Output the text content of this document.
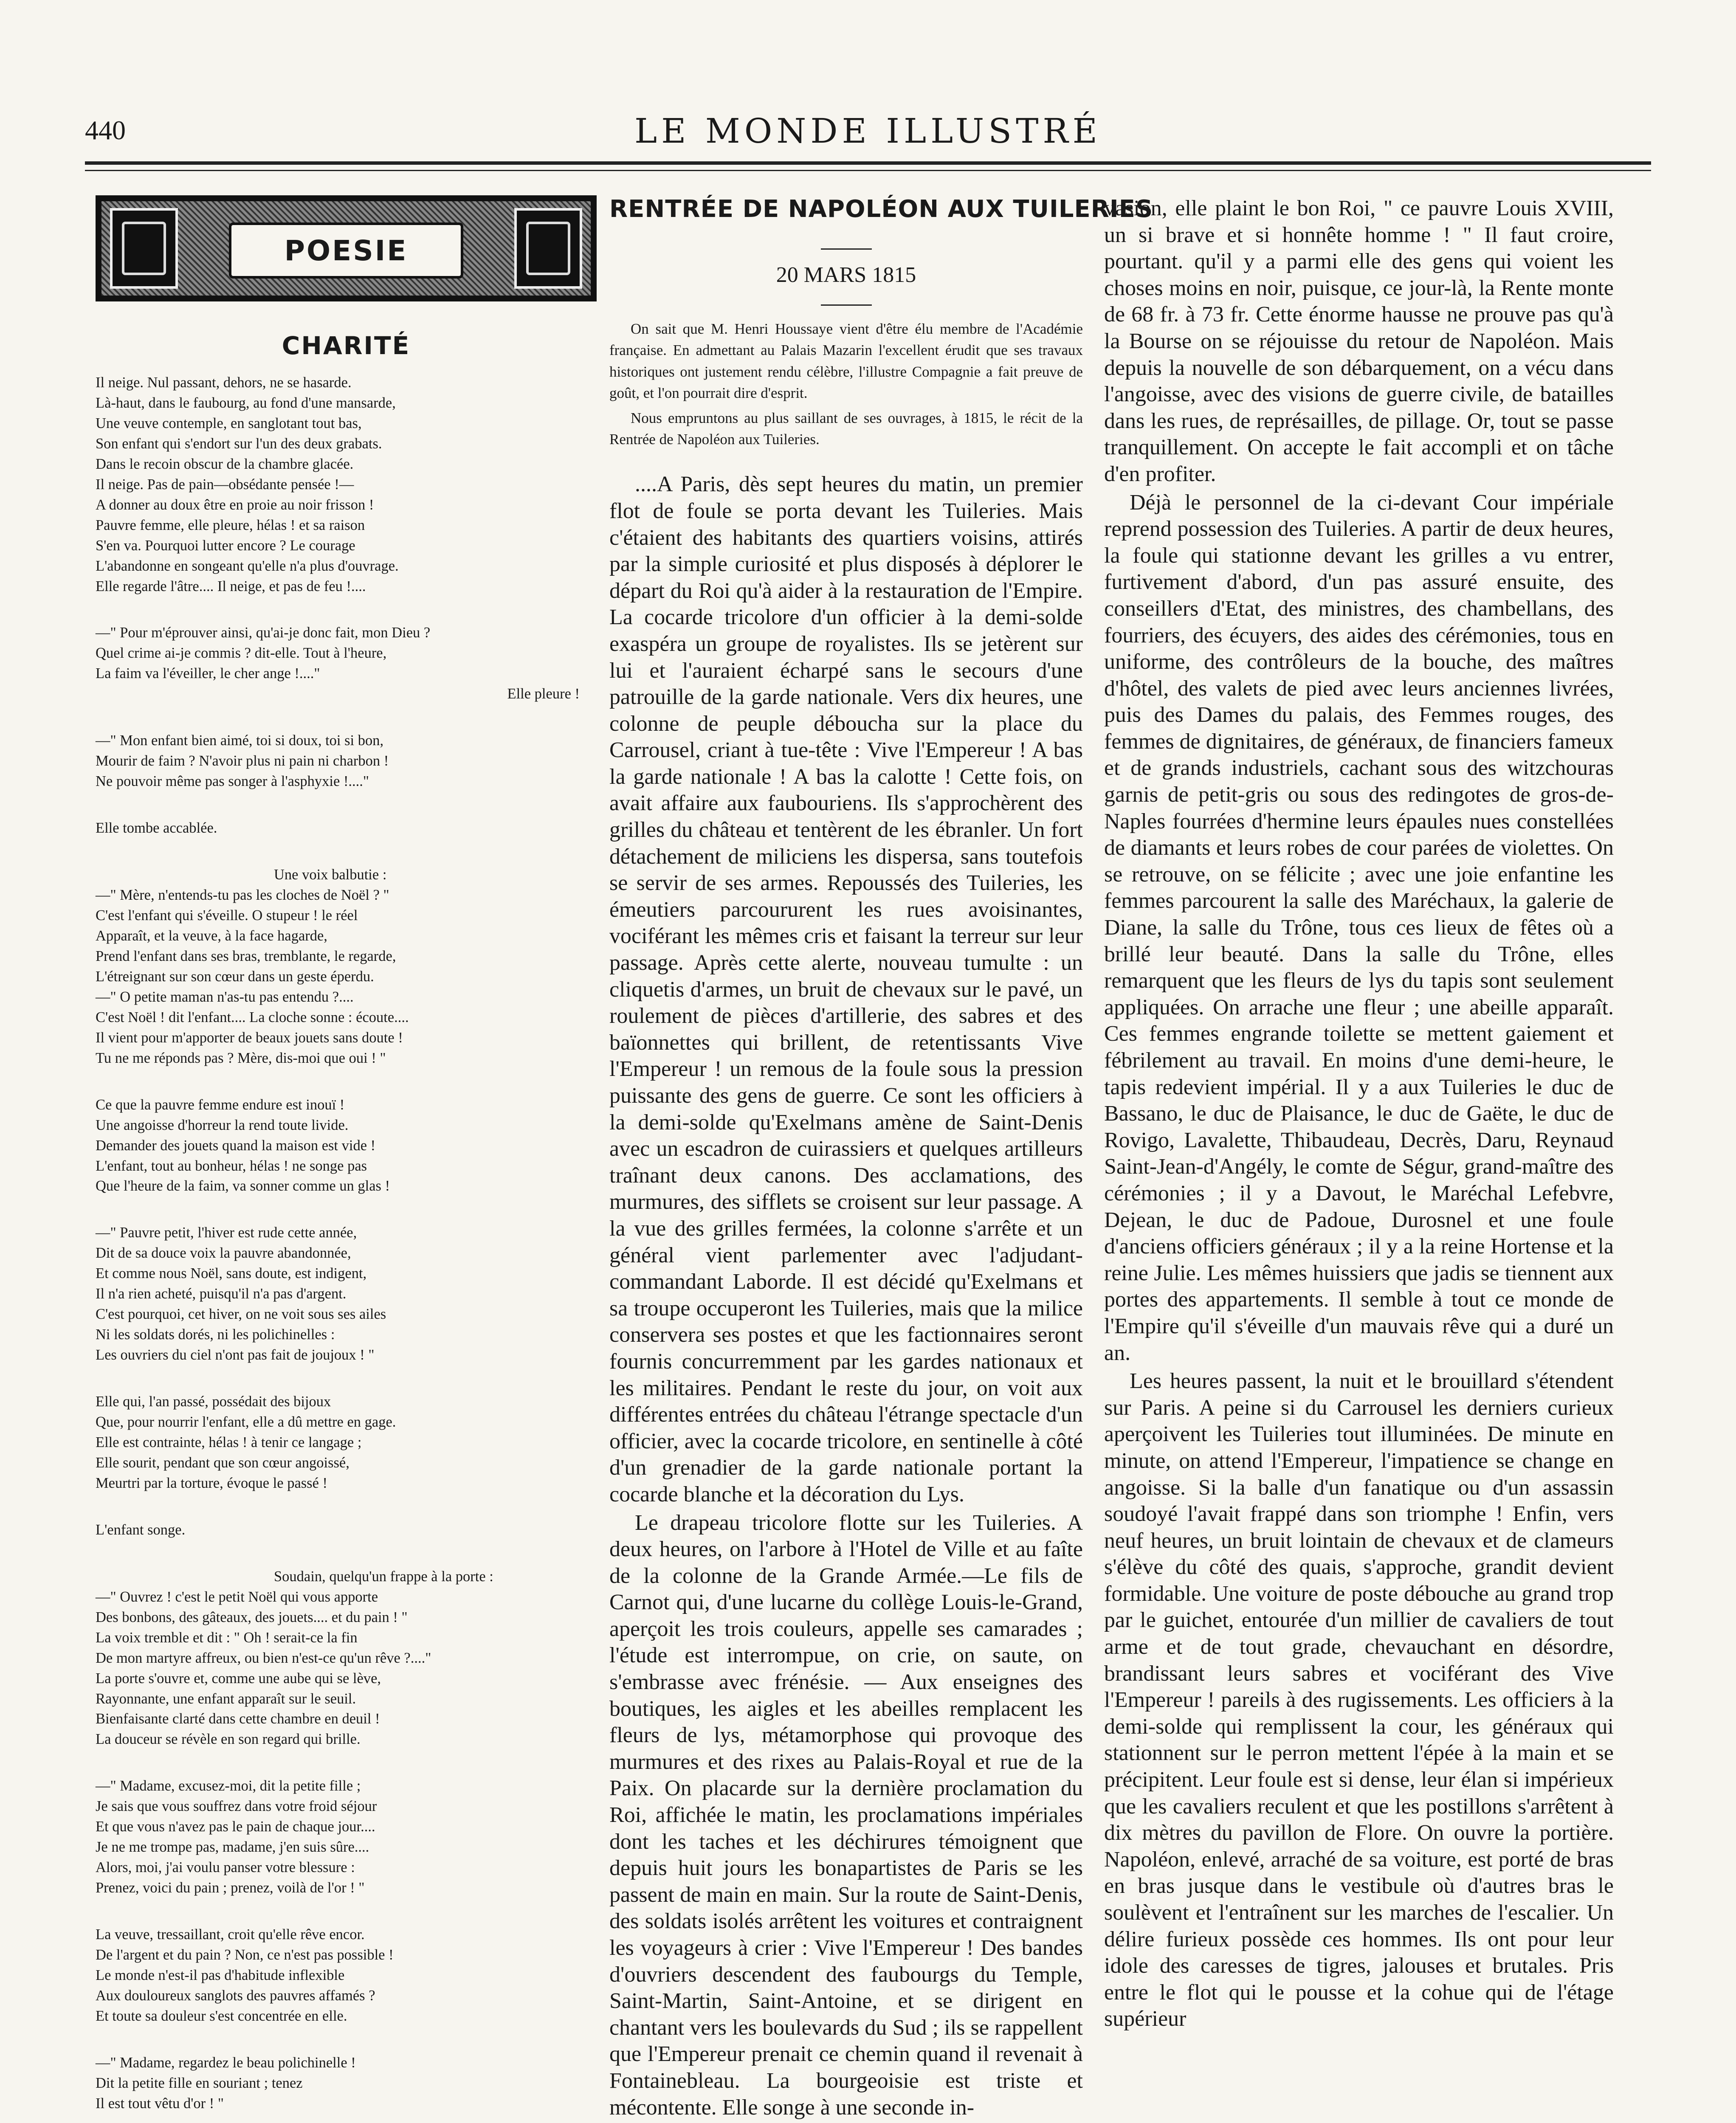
440	LE MONDE ILLUSTRÉ
POESIE
CHARITÉ
Il neige. Nul passant, dehors, ne se hasarde.
Là-haut, dans le faubourg, au fond d'une mansarde,
Une veuve contemple, en sanglotant tout bas,
Son enfant qui s'endort sur l'un des deux grabats.
Dans le recoin obscur de la chambre glacée.
Il neige. Pas de pain—obsédante pensée !—
A donner au doux être en proie au noir frisson !
Pauvre femme, elle pleure, hélas ! et sa raison
S'en va. Pourquoi lutter encore ? Le courage
L'abandonne en songeant qu'elle n'a plus d'ouvrage.
Elle regarde l'âtre.... Il neige, et pas de feu !....
—" Pour m'éprouver ainsi, qu'ai-je donc fait, mon Dieu ?
Quel crime ai-je commis ? dit-elle. Tout à l'heure,
La faim va l'éveiller, le cher ange !...."
Elle pleure !
—" Mon enfant bien aimé, toi si doux, toi si bon,
Mourir de faim ? N'avoir plus ni pain ni charbon !
Ne pouvoir même pas songer à l'asphyxie !...."
Elle tombe accablée.
Une voix balbutie :
—" Mère, n'entends-tu pas les cloches de Noël ? "
C'est l'enfant qui s'éveille. O stupeur ! le réel
Apparaît, et la veuve, à la face hagarde,
Prend l'enfant dans ses bras, tremblante, le regarde,
L'étreignant sur son cœur dans un geste éperdu.
—" O petite maman n'as-tu pas entendu ?....
C'est Noël ! dit l'enfant.... La cloche sonne : écoute....
Il vient pour m'apporter de beaux jouets sans doute !
Tu ne me réponds pas ? Mère, dis-moi que oui ! "
Ce que la pauvre femme endure est inouï !
Une angoisse d'horreur la rend toute livide.
Demander des jouets quand la maison est vide !
L'enfant, tout au bonheur, hélas ! ne songe pas
Que l'heure de la faim, va sonner comme un glas !
—" Pauvre petit, l'hiver est rude cette année,
Dit de sa douce voix la pauvre abandonnée,
Et comme nous Noël, sans doute, est indigent,
Il n'a rien acheté, puisqu'il n'a pas d'argent.
C'est pourquoi, cet hiver, on ne voit sous ses ailes
Ni les soldats dorés, ni les polichinelles :
Les ouvriers du ciel n'ont pas fait de joujoux ! "
Elle qui, l'an passé, possédait des bijoux
Que, pour nourrir l'enfant, elle a dû mettre en gage.
Elle est contrainte, hélas ! à tenir ce langage ;
Elle sourit, pendant que son cœur angoissé,
Meurtri par la torture, évoque le passé !
L'enfant songe.
Soudain, quelqu'un frappe à la porte :
—" Ouvrez ! c'est le petit Noël qui vous apporte
Des bonbons, des gâteaux, des jouets.... et du pain ! "
La voix tremble et dit : " Oh ! serait-ce la fin
De mon martyre affreux, ou bien n'est-ce qu'un rêve ?...."
La porte s'ouvre et, comme une aube qui se lève,
Rayonnante, une enfant apparaît sur le seuil.
Bienfaisante clarté dans cette chambre en deuil !
La douceur se révèle en son regard qui brille.
—" Madame, excusez-moi, dit la petite fille ;
Je sais que vous souffrez dans votre froid séjour
Et que vous n'avez pas le pain de chaque jour....
Je ne me trompe pas, madame, j'en suis sûre....
Alors, moi, j'ai voulu panser votre blessure :
Prenez, voici du pain ; prenez, voilà de l'or ! "
La veuve, tressaillant, croit qu'elle rêve encor.
De l'argent et du pain ? Non, ce n'est pas possible !
Le monde n'est-il pas d'habitude inflexible
Aux douloureux sanglots des pauvres affamés ?
Et toute sa douleur s'est concentrée en elle.
—" Madame, regardez le beau polichinelle !
Dit la petite fille en souriant ; tenez
Il est tout vêtu d'or ! "
RENTRÉE DE NAPOLÉON AUX TUILERIES
20 MARS 1815

On sait que M. Henri Houssaye vient d'être élu membre de l'Académie française. En admettant au Palais Mazarin l'excellent érudit que ses travaux historiques ont justement rendu célèbre, l'illustre Compagnie a fait preuve de goût, et l'on pourrait dire d'esprit.

Nous empruntons au plus saillant de ses ouvrages, à 1815, le récit de la Rentrée de Napoléon aux Tuileries.

....A Paris, dès sept heures du matin, un premier flot de foule se porta devant les Tuileries. Mais c'étaient des habitants des quartiers voisins, attirés par la simple curiosité et plus disposés à déplorer le départ du Roi qu'à aider à la restauration de l'Empire. La cocarde tricolore d'un officier à la demi-solde exaspéra un groupe de royalistes. Ils se jetèrent sur lui et l'auraient écharpé sans le secours d'une patrouille de la garde nationale. Vers dix heures, une colonne de peuple déboucha sur la place du Carrousel, criant à tue-tête : Vive l'Empereur ! A bas la garde nationale ! A bas la calotte ! Cette fois, on avait affaire aux faubouriens. Ils s'approchèrent des grilles du château et tentèrent de les ébranler. Un fort détachement de miliciens les dispersa, sans toutefois se servir de ses armes. Repoussés des Tuileries, les émeutiers parcoururent les rues avoisinantes, vociférant les mêmes cris et faisant la terreur sur leur passage. Après cette alerte, nouveau tumulte : un cliquetis d'armes, un bruit de chevaux sur le pavé, un roulement de pièces d'artillerie, des sabres et des baïonnettes qui brillent, de retentissants Vive l'Empereur ! un remous de la foule sous la pression puissante des gens de guerre. Ce sont les officiers à la demi-solde qu'Exelmans amène de Saint-Denis avec un escadron de cuirassiers et quelques artilleurs traînant deux canons. Des acclamations, des murmures, des sifflets se croisent sur leur passage. A la vue des grilles fermées, la colonne s'arrête et un général vient parlementer avec l'adjudant-commandant Laborde. Il est décidé qu'Exelmans et sa troupe occuperont les Tuileries, mais que la milice conservera ses postes et que les factionnaires seront fournis concurremment par les gardes nationaux et les militaires. Pendant le reste du jour, on voit aux différentes entrées du château l'étrange spectacle d'un officier, avec la cocarde tricolore, en sentinelle à côté d'un grenadier de la garde nationale portant la cocarde blanche et la décoration du Lys.

Le drapeau tricolore flotte sur les Tuileries. A deux heures, on l'arbore à l'Hotel de Ville et au faîte de la colonne de la Grande Armée.—Le fils de Carnot qui, d'une lucarne du collège Louis-le-Grand, aperçoit les trois couleurs, appelle ses camarades ; l'étude est interrompue, on crie, on saute, on s'embrasse avec frénésie. — Aux enseignes des boutiques, les aigles et les abeilles remplacent les fleurs de lys, métamorphose qui provoque des murmures et des rixes au Palais-Royal et rue de la Paix. On placarde sur la dernière proclamation du Roi, affichée le matin, les proclamations impériales dont les taches et les déchirures témoignent que depuis huit jours les bonapartistes de Paris se les passent de main en main. Sur la route de Saint-Denis, des soldats isolés arrêtent les voitures et contraignent les voyageurs à crier : Vive l'Empereur ! Des bandes d'ouvriers descendent des faubourgs du Temple, Saint-Martin, Saint-Antoine, et se dirigent en chantant vers les boulevards du Sud ; ils se rappellent que l'Empereur prenait ce chemin quand il revenait à Fontainebleau. La bourgeoisie est triste et mécontente. Elle songe à une seconde in-

vasion, elle plaint le bon Roi, " ce pauvre Louis XVIII, un si brave et si honnête homme ! " Il faut croire, pourtant. qu'il y a parmi elle des gens qui voient les choses moins en noir, puisque, ce jour-là, la Rente monte de 68 fr. à 73 fr. Cette énorme hausse ne prouve pas qu'à la Bourse on se réjouisse du retour de Napoléon. Mais depuis la nouvelle de son débarquement, on a vécu dans l'angoisse, avec des visions de guerre civile, de batailles dans les rues, de représailles, de pillage. Or, tout se passe tranquillement. On accepte le fait accompli et on tâche d'en profiter.

Déjà le personnel de la ci-devant Cour impériale reprend possession des Tuileries. A partir de deux heures, la foule qui stationne devant les grilles a vu entrer, furtivement d'abord, d'un pas assuré ensuite, des conseillers d'Etat, des ministres, des chambellans, des fourriers, des écuyers, des aides des cérémonies, tous en uniforme, des contrôleurs de la bouche, des maîtres d'hôtel, des valets de pied avec leurs anciennes livrées, puis des Dames du palais, des Femmes rouges, des femmes de dignitaires, de généraux, de financiers fameux et de grands industriels, cachant sous des witzchouras garnis de petit-gris ou sous des redingotes de gros-de-Naples fourrées d'hermine leurs épaules nues constellées de diamants et leurs robes de cour parées de violettes. On se retrouve, on se félicite ; avec une joie enfantine les femmes parcourent la salle des Maréchaux, la galerie de Diane, la salle du Trône, tous ces lieux de fêtes où a brillé leur beauté. Dans la salle du Trône, elles remarquent que les fleurs de lys du tapis sont seulement appliquées. On arrache une fleur ; une abeille apparaît. Ces femmes engrande toilette se mettent gaiement et fébrilement au travail. En moins d'une demi-heure, le tapis redevient impérial. Il y a aux Tuileries le duc de Bassano, le duc de Plaisance, le duc de Gaëte, le duc de Rovigo, Lavalette, Thibaudeau, Decrès, Daru, Reynaud Saint-Jean-d'Angély, le comte de Ségur, grand-maître des cérémonies ; il y a Davout, le Maréchal Lefebvre, Dejean, le duc de Padoue, Durosnel et une foule d'anciens officiers généraux ; il y a la reine Hortense et la reine Julie. Les mêmes huissiers que jadis se tiennent aux portes des appartements. Il semble à tout ce monde de l'Empire qu'il s'éveille d'un mauvais rêve qui a duré un an.

Les heures passent, la nuit et le brouillard s'étendent sur Paris. A peine si du Carrousel les derniers curieux aperçoivent les Tuileries tout illuminées. De minute en minute, on attend l'Empereur, l'impatience se change en angoisse. Si la balle d'un fanatique ou d'un assassin soudoyé l'avait frappé dans son triomphe ! Enfin, vers neuf heures, un bruit lointain de chevaux et de clameurs s'élève du côté des quais, s'approche, grandit devient formidable. Une voiture de poste débouche au grand trop par le guichet, entourée d'un millier de cavaliers de tout arme et de tout grade, chevauchant en désordre, brandissant leurs sabres et vociférant des Vive l'Empereur ! pareils à des rugissements. Les officiers à la demi-solde qui remplissent la cour, les généraux qui stationnent sur le perron mettent l'épée à la main et se précipitent. Leur foule est si dense, leur élan si impérieux que les cavaliers reculent et que les postillons s'arrêtent à dix mètres du pavillon de Flore. On ouvre la portière. Napoléon, enlevé, arraché de sa voiture, est porté de bras en bras jusque dans le vestibule où d'autres bras le soulèvent et l'entraînent sur les marches de l'escalier. Un délire furieux possède ces hommes. Ils ont pour leur idole des caresses de tigres, jalouses et brutales. Pris entre le flot qui le pousse et la cohue qui de l'étage supérieur
